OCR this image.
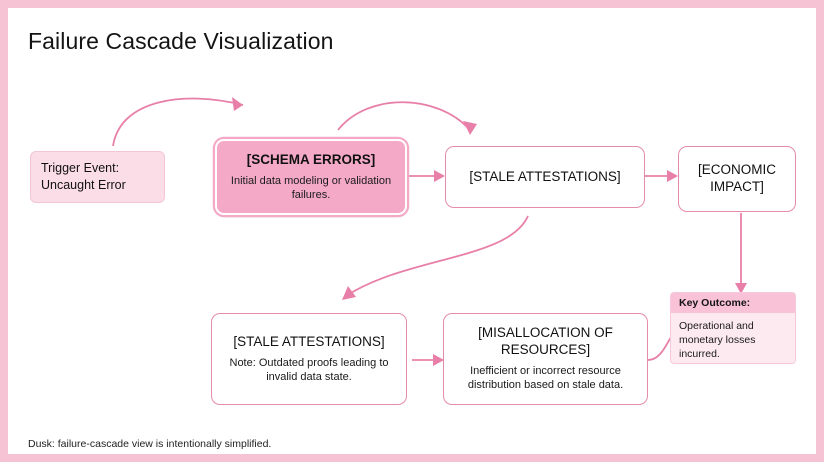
Failure Cascade Visualization
Trigger Event:
Uncaught Error
[SCHEMA ERRORS]
Initial data modeling or validation failures.
[STALE ATTESTATIONS]	[ECONOMIC IMPACT]
[STALE ATTESTATIONS]
Note: Outdated proofs leading to invalid data state.
[MISALLOCATION OF RESOURCES]
Inefficient or incorrect resource distribution based on stale data.
Key Outcome:
Operational and monetary losses incurred.
Dusk: failure-cascade view is intentionally simplified.
